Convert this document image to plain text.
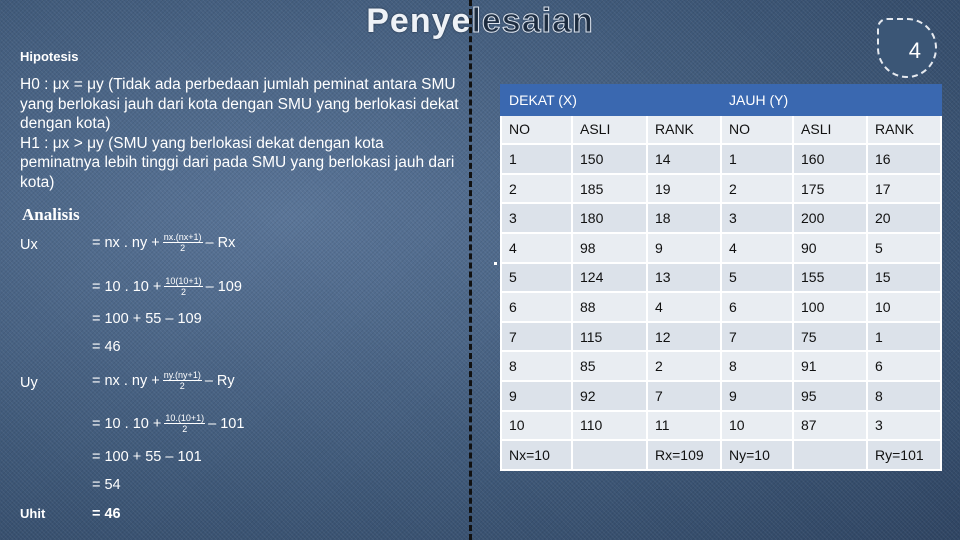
Penyelesaian
4
Hipotesis

H0 : μx = μy (Tidak ada perbedaan jumlah peminat antara SMU yang berlokasi jauh dari kota dengan SMU yang berlokasi dekat dengan kota)

H1 : μx > μy (SMU yang berlokasi dekat dengan kota peminatnya lebih tinggi dari pada SMU yang berlokasi jauh dari kota)

Analisis
Ux
Uy
Uhit	= 46
= nx . ny + $\frac{nx.(nx+1)}{2}$ – Rx
= 10 . $10 + \frac{10(10+1)}{2} - 109$
= 100 + 55 – 109
= 46
= nx . ny + $\frac{ny.(ny+1)}{2}$ – Ry
= 10 . $10 + \frac{10.(10+1)}{2} - 101$
= 100 + 55 – 101
= 54
DEKAT (X)			JAUH (Y)		
NO	ASLI	RANK	NO	ASLI	RANK
1	150	14	1	160	16
2	185	19	2	175	17
3	180	18	3	200	20
4	98	9	4	90	5
5	124	13	5	155	15
6	88	4	6	100	10
7	115	12	7	75	1
8	85	2	8	91	6
9	92	7	9	95	8
10	110	11	10	87	3
Nx=10		Rx=109	Ny=10		Ry=101
